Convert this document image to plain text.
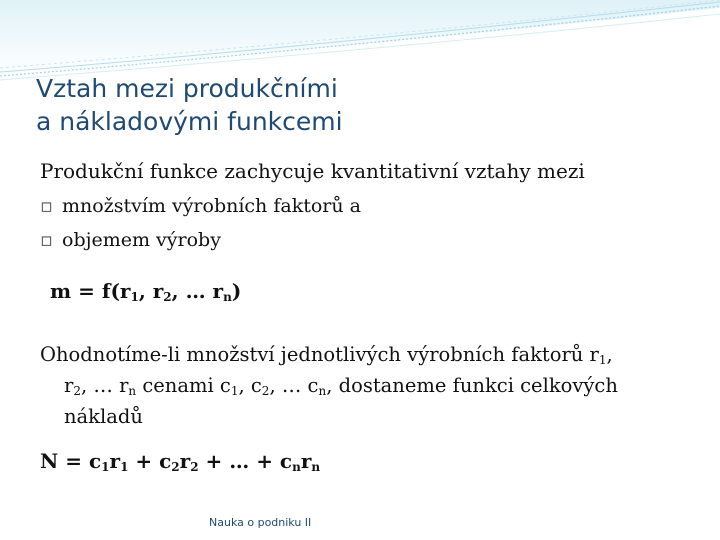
Vztah mezi produkčními
a nákladovými funkcemi
Produkční funkce zachycuje kvantitativní vztahy mezi
▫ množstvím výrobních faktorů a
▫ objemem výroby
$m = f(r_1$, $r_2$, … $r_n$)
Ohodnotíme-li množství jednotlivých výrobních faktorů $r_1$,
$r_2$, … $r_n$ cenami $c_1$, $c_2$, … $c_n$, dostaneme funkci celkových
nákladů
$N = c_1r_1 + c_2r_2$ + … + $c_nr_n$
Nauka o podniku II
